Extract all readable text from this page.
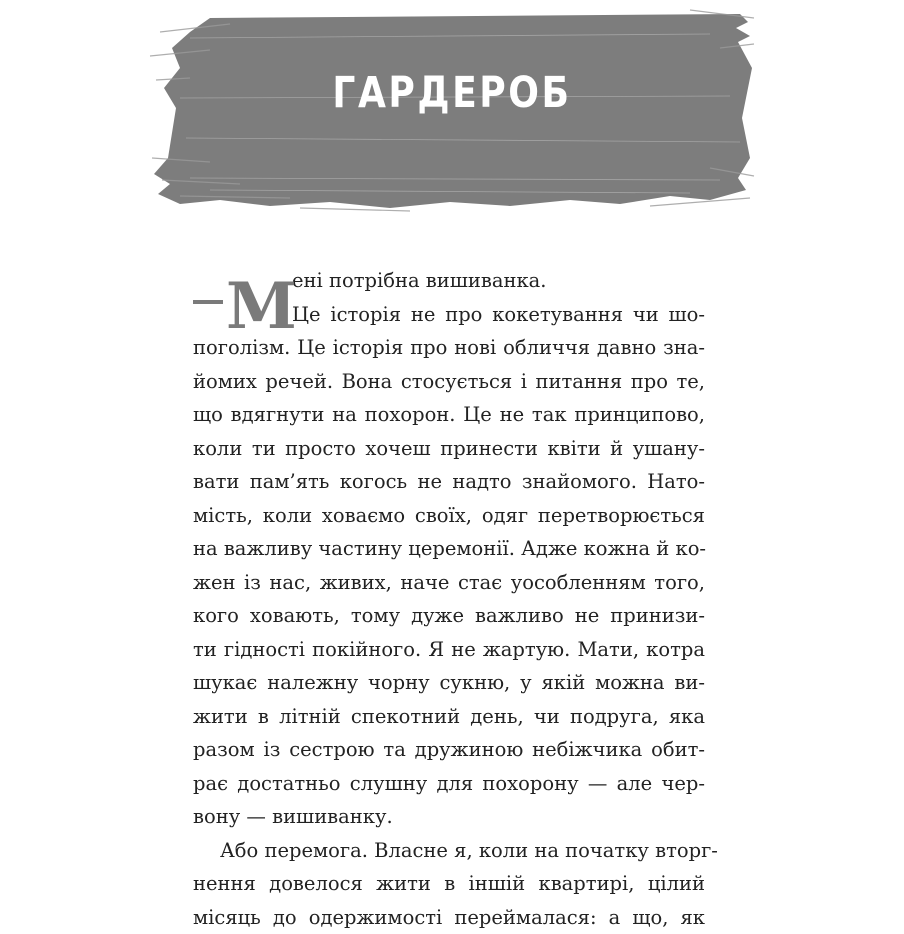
ГАРДЕРОБ
М
ені потрібна вишиванка.
Це історія не про кокетування чи шо-
поголізм. Це історія про нові обличчя давно зна-
йомих речей. Вона стосується і питання про те,
що вдягнути на похорон. Це не так принципово,
коли ти просто хочеш принести квіти й ушану-
вати пам’ять когось не надто знайомого. Нато-
мість, коли ховаємо своїх, одяг перетворюється
на важливу частину церемонії. Адже кожна й ко-
жен із нас, живих, наче стає уособленням того,
кого ховають, тому дуже важливо не принизи-
ти гідності покійного. Я не жартую. Мати, котра
шукає належну чорну сукню, у якій можна ви-
жити в літній спекотний день, чи подруга, яка
разом із сестрою та дружиною небіжчика обит-
рає достатньо слушну для похорону — але чер-
вону — вишиванку.
Або перемога. Власне я, коли на початку вторг-
нення довелося жити в іншій квартирі, цілий
місяць до одержимості переймалася: а що, як
